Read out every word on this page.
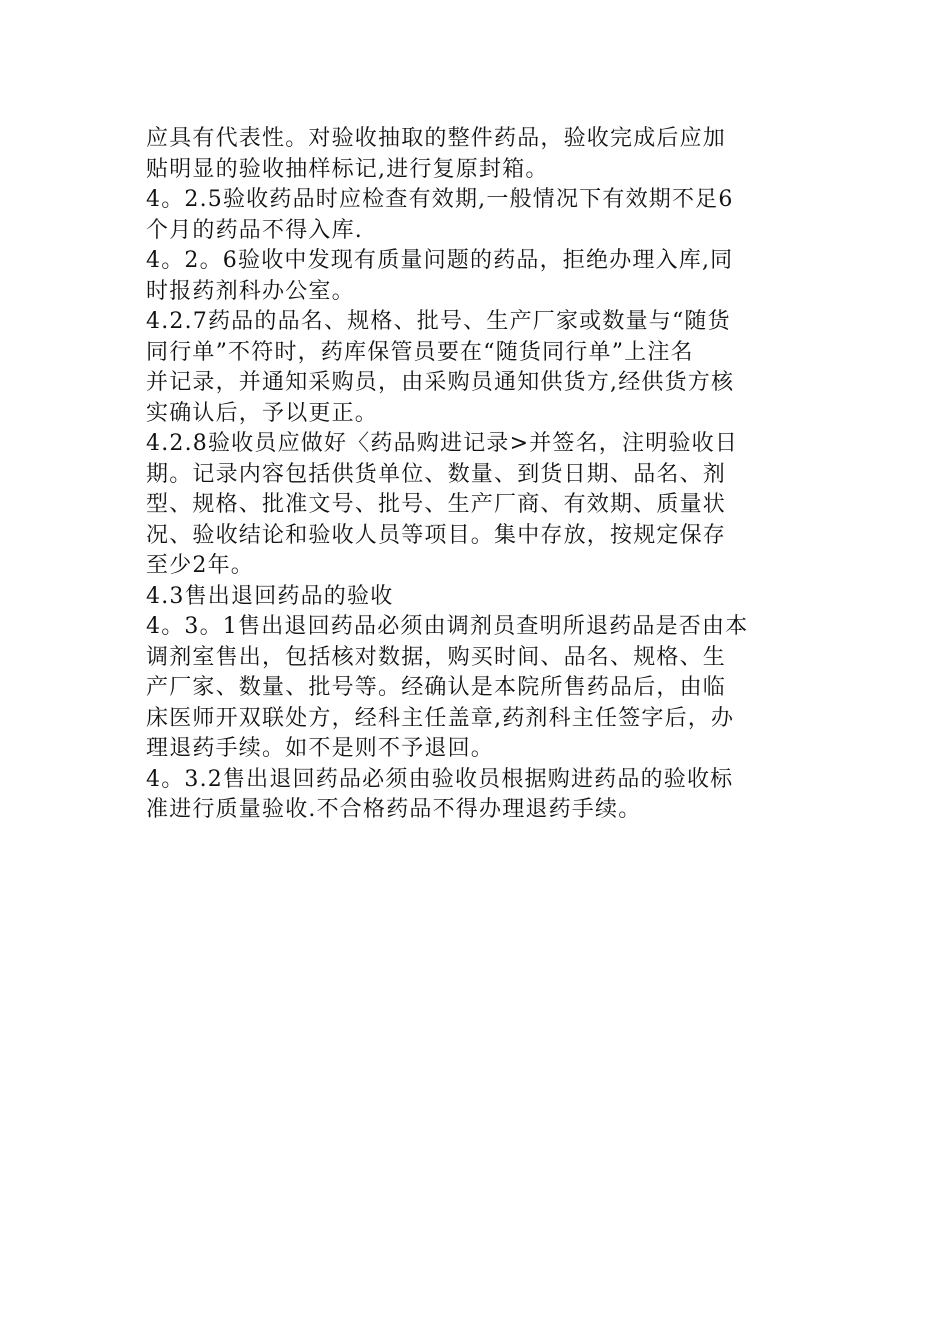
应具有代表性。对验收抽取的整件药品，验收完成后应加
贴明显的验收抽样标记,进行复原封箱。
4。2.5验收药品时应检查有效期,一般情况下有效期不足6
个月的药品不得入库.
4。2。6验收中发现有质量问题的药品，拒绝办理入库,同
时报药剂科办公室。
4.2.7药品的品名、规格、批号、生产厂家或数量与“随货
同行单”不符时，药库保管员要在“随货同行单”上注名
并记录，并通知采购员，由采购员通知供货方,经供货方核
实确认后，予以更正。
4.2.8验收员应做好〈药品购进记录>并签名，注明验收日
期。记录内容包括供货单位、数量、到货日期、品名、剂
型、规格、批准文号、批号、生产厂商、有效期、质量状
况、验收结论和验收人员等项目。集中存放，按规定保存
至少2年。
4.3售出退回药品的验收
4。3。1售出退回药品必须由调剂员查明所退药品是否由本
调剂室售出，包括核对数据，购买时间、品名、规格、生
产厂家、数量、批号等。经确认是本院所售药品后，由临
床医师开双联处方，经科主任盖章,药剂科主任签字后，办
理退药手续。如不是则不予退回。
4。3.2售出退回药品必须由验收员根据购进药品的验收标
准进行质量验收.不合格药品不得办理退药手续。
